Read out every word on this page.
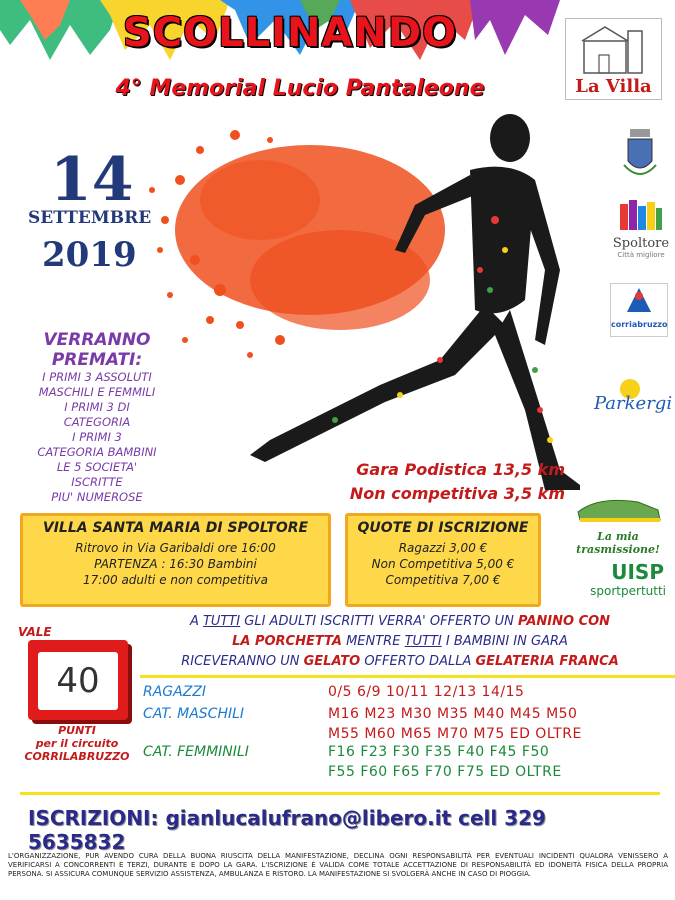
SCOLLINANDO
4° Memorial Lucio Pantaleone	La Villa
14
SETTEMBRE
2019	Spoltore
Città migliore
corriabruzzo
Parkergi
La mia trasmissione!
UISP
sportpertutti
VERRANNO
PREMATI:
I PRIMI 3 ASSOLUTI
MASCHILI E FEMMILI
I PRIMI 3 DI
CATEGORIA
I PRIMI 3
CATEGORIA BAMBINI
LE 5 SOCIETA'
ISCRITTE
PIU' NUMEROSE
Gara Podistica 13,5 km
Non competitiva 3,5 km
VILLA SANTA MARIA DI SPOLTORE
Ritrovo in Via Garibaldi ore 16:00
PARTENZA : 16:30 Bambini
17:00 adulti e non competitiva
QUOTE DI ISCRIZIONE
Ragazzi 3,00 €
Non Competitiva 5,00 €
Competitiva 7,00 €
A TUTTI GLI ADULTI ISCRITTI VERRA' OFFERTO UN PANINO CON
LA PORCHETTA MENTRE TUTTI I BAMBINI IN GARA
RICEVERANNO UN GELATO OFFERTO DALLA GELATERIA FRANCA
VALE
40
PUNTI
per il circuito
CORRILABRUZZO
RAGAZZI	0/5 6/9 10/11 12/13 14/15
CAT. MASCHILI	M16 M23 M30 M35 M40 M45 M50
M55 M60 M65 M70 M75 ED OLTRE
CAT. FEMMINILI	F16 F23 F30 F35 F40 F45 F50
F55 F60 F65 F70 F75 ED OLTRE
ISCRIZIONI: gianlucalufrano@libero.it cell 329 5635832
L'ORGANIZZAZIONE, PUR AVENDO CURA DELLA BUONA RIUSCITA DELLA MANIFESTAZIONE, DECLINA OGNI RESPONSABILITÀ PER EVENTUALI INCIDENTI QUALORA VENISSERO A VERIFICARSI A CONCORRENTI E TERZI, DURANTE E DOPO LA GARA. L'ISCRIZIONE È VALIDA COME TOTALE ACCETTAZIONE DI RESPONSABILITÀ ED IDONEITÀ FISICA DELLA PROPRIA PERSONA. SI ASSICURA COMUNQUE SERVIZIO ASSISTENZA, AMBULANZA E RISTORO. LA MANIFESTAZIONE SI SVOLGERÀ ANCHE IN CASO DI PIOGGIA.
